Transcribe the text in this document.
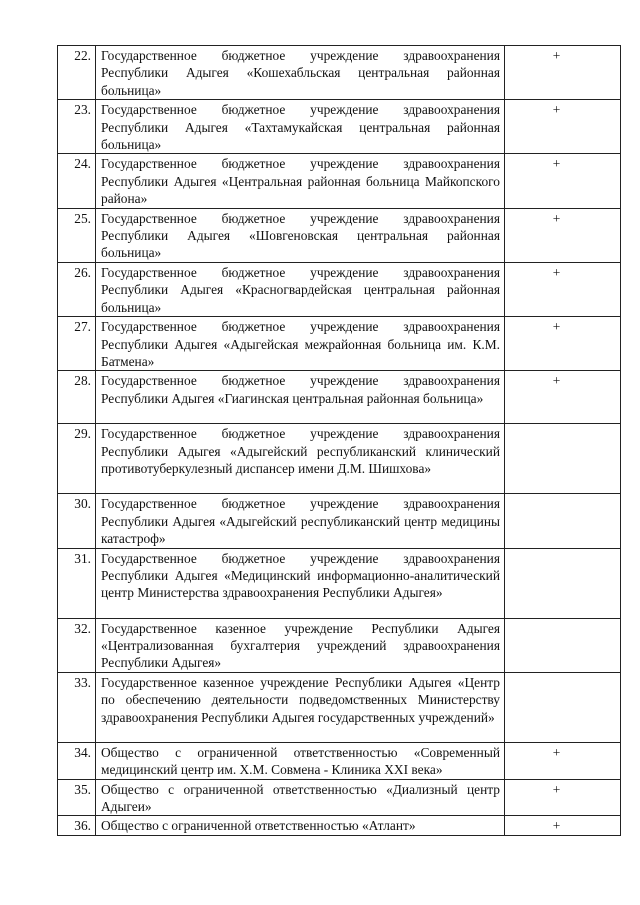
22.	Государственное бюджетное учреждение здравоохранения Республики Адыгея «Кошехабльская центральная районная больница»	+
23.	Государственное бюджетное учреждение здравоохранения Республики Адыгея «Тахтамукайская центральная районная больница»	+
24.	Государственное бюджетное учреждение здравоохранения Республики Адыгея «Центральная районная больница Майкопского района»	+
25.	Государственное бюджетное учреждение здравоохранения Республики Адыгея «Шовгеновская центральная районная больница»	+
26.	Государственное бюджетное учреждение здравоохранения Республики Адыгея «Красногвардейская центральная районная больница»	+
27.	Государственное бюджетное учреждение здравоохранения Республики Адыгея «Адыгейская межрайонная больница им. К.М. Батмена»	+
28.	Государственное бюджетное учреждение здравоохранения Республики Адыгея «Гиагинская центральная районная больница»	+
29.	Государственное бюджетное учреждение здравоохранения Республики Адыгея «Адыгейский республиканский клинический противотуберкулезный диспансер имени Д.М. Шишхова»	
30.	Государственное бюджетное учреждение здравоохранения Республики Адыгея «Адыгейский республиканский центр медицины катастроф»	
31.	Государственное бюджетное учреждение здравоохранения Республики Адыгея «Медицинский информационно-аналитический центр Министерства здравоохранения Республики Адыгея»	
32.	Государственное казенное учреждение Республики Адыгея «Централизованная бухгалтерия учреждений здравоохранения Республики Адыгея»	
33.	Государственное казенное учреждение Республики Адыгея «Центр по обеспечению деятельности подведомственных Министерству здравоохранения Республики Адыгея государственных учреждений»	
34.	Общество с ограниченной ответственностью «Современный медицинский центр им. Х.М. Совмена - Клиника XXI века»	+
35.	Общество с ограниченной ответственностью «Диализный центр Адыгеи»	+
36.	Общество с ограниченной ответственностью «Атлант»	+
